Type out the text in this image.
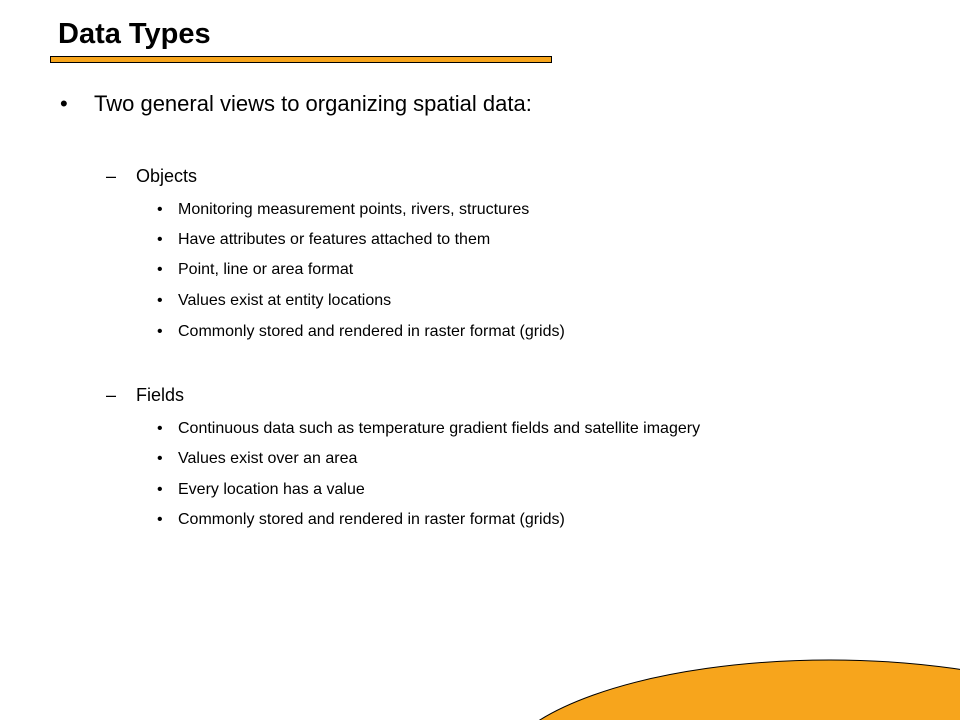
Data Types
• Two general views to organizing spatial data:
– Objects
• Monitoring measurement points, rivers, structures
• Have attributes or features attached to them
• Point, line or area format
• Values exist at entity locations
• Commonly stored and rendered in raster format (grids)
– Fields
• Continuous data such as temperature gradient fields and satellite imagery
• Values exist over an area
• Every location has a value
• Commonly stored and rendered in raster format (grids)
